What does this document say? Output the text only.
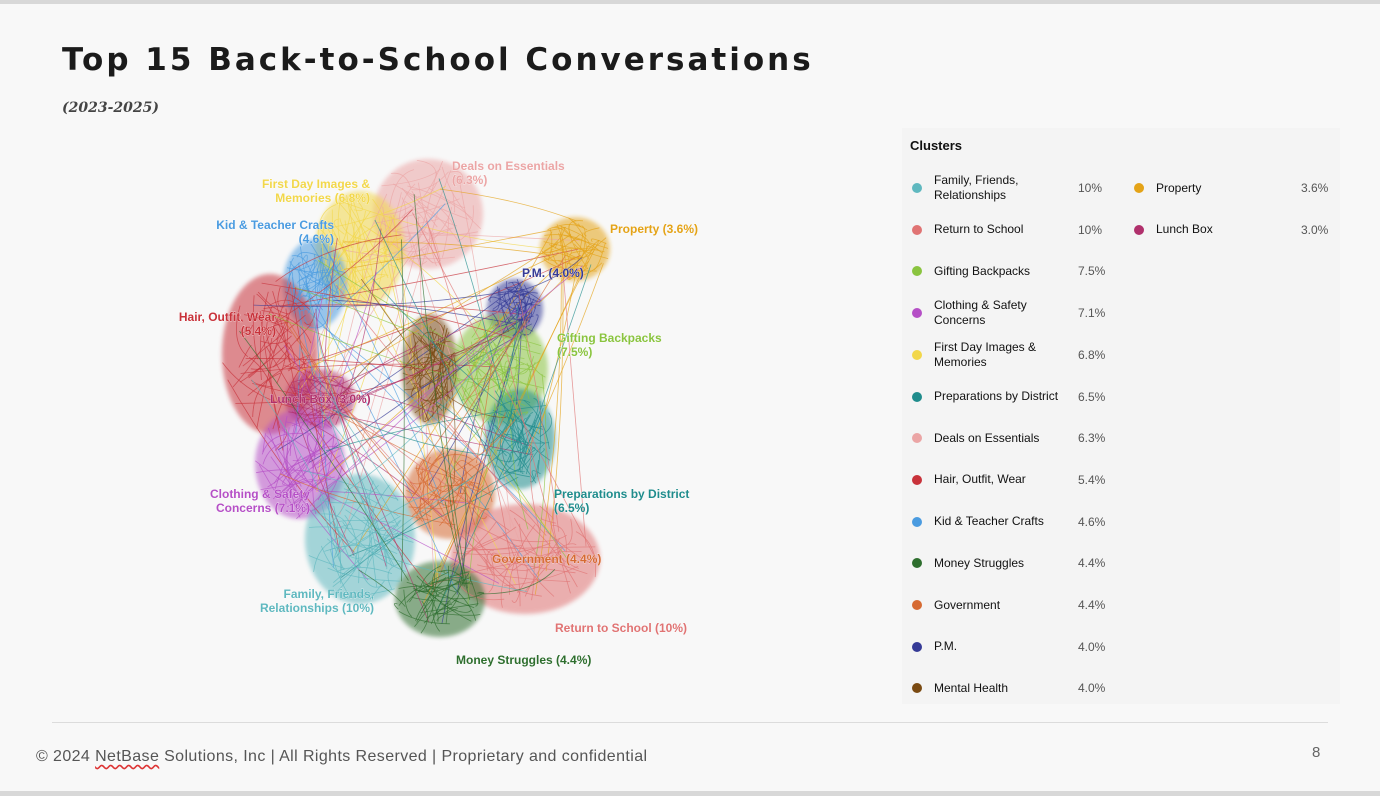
Top 15 Back-to-School Conversations
(2023-2025)
Deals on Essentials (6.3%)
First Day Images & Memories (6.8%)
Kid & Teacher Crafts (4.6%)
Property (3.6%)
P.M. (4.0%)
Hair, Outfit, Wear (5.4%)	Gifting Backpacks (7.5%)
Lunch Box (3.0%)
Clothing & Safety Concerns (7.1%)
Preparations by District (6.5%)
Government (4.4%)
Family, Friends, Relationships (10%)
Return to School (10%)
Money Struggles (4.4%)
Clusters
Family, Friends, Relationships	10%
Return to School	10%
Gifting Backpacks	7.5%
Clothing & Safety Concerns	7.1%
First Day Images & Memories	6.8%
Preparations by District	6.5%
Deals on Essentials	6.3%
Hair, Outfit, Wear	5.4%
Kid & Teacher Crafts	4.6%
Money Struggles	4.4%
Government	4.4%
P.M.	4.0%
Mental Health	4.0%
Property	3.6%
Lunch Box	3.0%
© 2024 NetBase Solutions, Inc | All Rights Reserved | Proprietary and confidential	8
